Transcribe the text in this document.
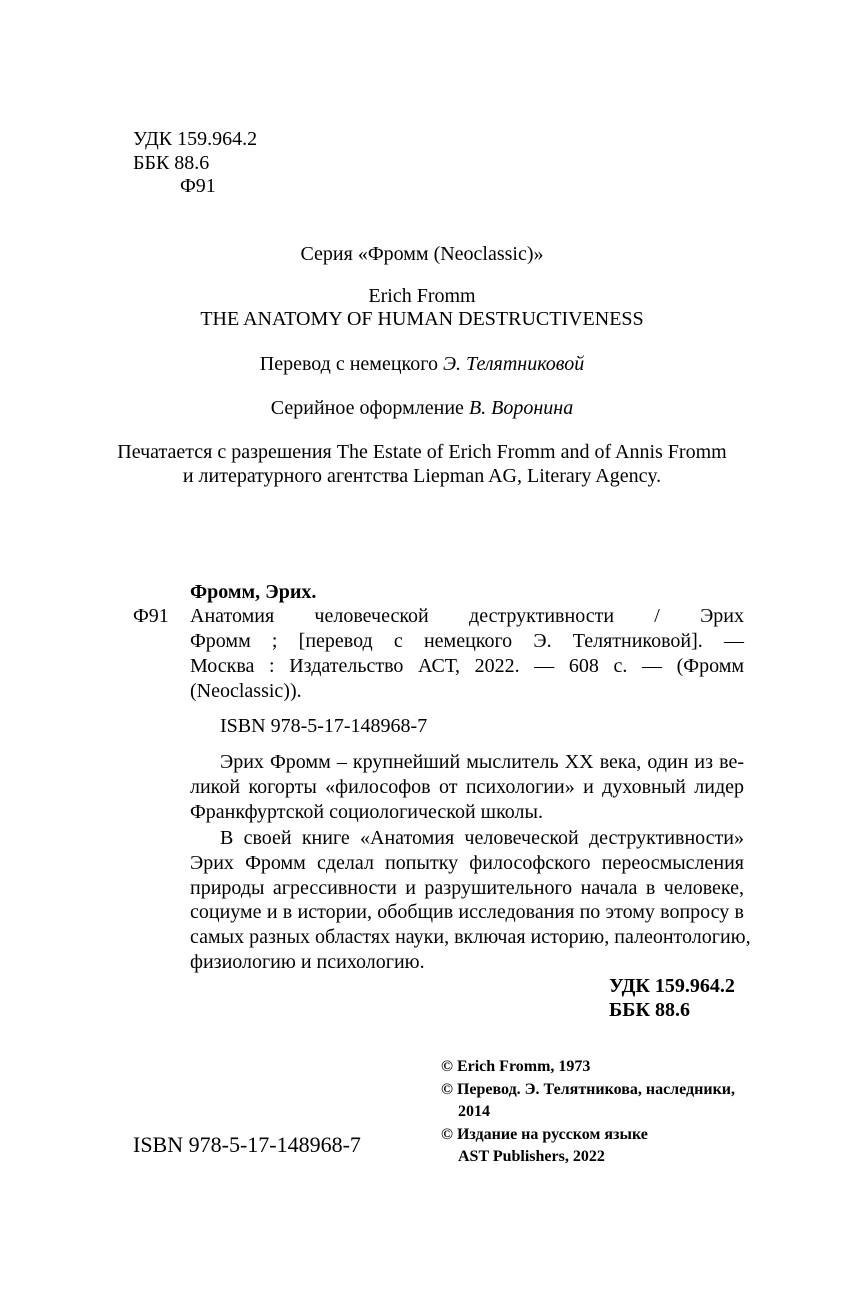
УДК 159.964.2
ББК 88.6
Ф91
Серия «Фромм (Neoclassic)»
Erich Fromm
THE ANATOMY OF HUMAN DESTRUCTIVENESS
Перевод с немецкого Э. Телятниковой
Серийное оформление В. Воронина
Печатается с разрешения The Estate of Erich Fromm and of Annis Fromm
и литературного агентства Liepman AG, Literary Agency.
Фромм, Эрих.
Ф91 Анатомия человеческой деструктивности / Эрих
Фромм ; [перевод с немецкого Э. Телятниковой]. —
Москва : Издательство АСТ, 2022. — 608 с. — (Фромм
(Neoclassic)).
ISBN 978-5-17-148968-7
Эрих Фромм – крупнейший мыслитель XX века, один из ве-
ликой когорты «философов от психологии» и духовный лидер
Франкфуртской социологической школы.
В своей книге «Анатомия человеческой деструктивности»
Эрих Фромм сделал попытку философского переосмысления
природы агрессивности и разрушительного начала в человеке,
социуме и в истории, обобщив исследования по этому вопросу в
самых разных областях науки, включая историю, палеонтологию,
физиологию и психологию.
УДК 159.964.2
ББК 88.6
ISBN 978-5-17-148968-7
© Erich Fromm, 1973
© Перевод. Э. Телятникова, наследники,
2014
© Издание на русском языке
AST Publishers, 2022
